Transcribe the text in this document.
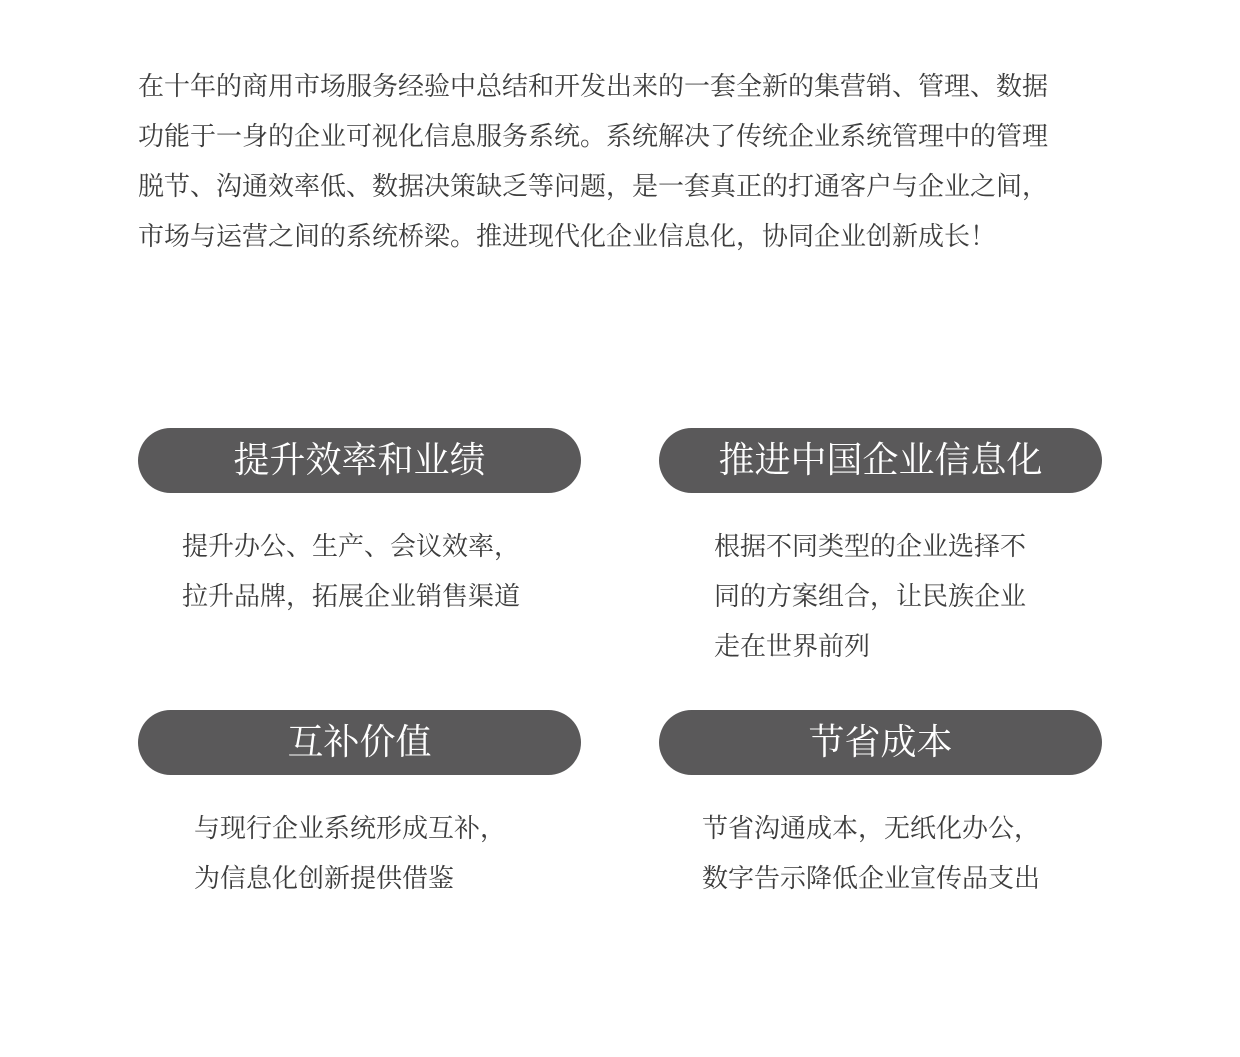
在十年的商用市场服务经验中总结和开发出来的一套全新的集营销、管理、数据
功能于一身的企业可视化信息服务系统。系统解决了传统企业系统管理中的管理
脱节、沟通效率低、数据决策缺乏等问题，是一套真正的打通客户与企业之间，
市场与运营之间的系统桥梁。推进现代化企业信息化，协同企业创新成长！
提升效率和业绩
提升办公、生产、会议效率，
拉升品牌，拓展企业销售渠道
推进中国企业信息化
根据不同类型的企业选择不
同的方案组合，让民族企业
走在世界前列
互补价值
与现行企业系统形成互补，
为信息化创新提供借鉴
节省成本
节省沟通成本，无纸化办公，
数字告示降低企业宣传品支出
